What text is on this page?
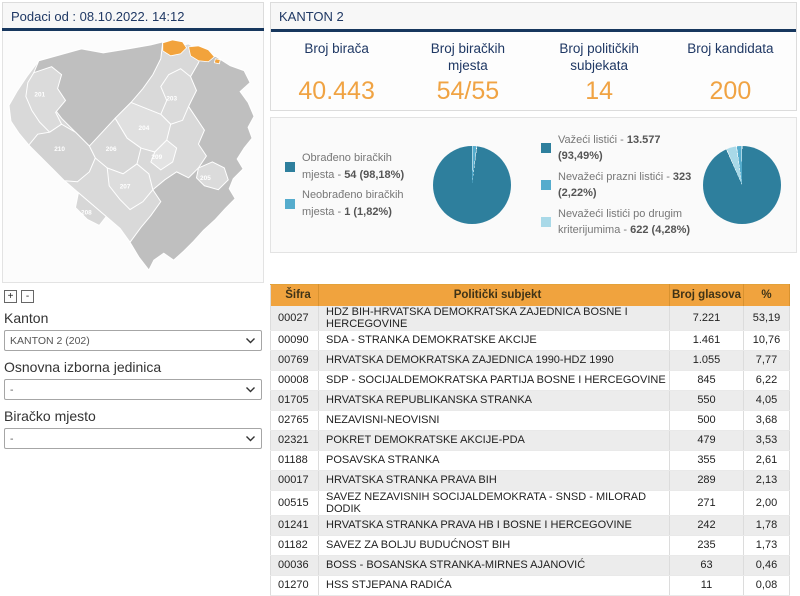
Podaci od : 08.10.2022. 14:12
201
210	206
204
203
209
205
207
208
+ -
Kanton
KANTON 2 (202)
Osnovna izborna jedinica
-
Biračko mjesto
-
KANTON 2
Broj birača
40.443
Broj biračkih mjesta
54/55
Broj političkih subjekata
14
Broj kandidata
200
Obrađeno biračkih mjesta - 54 (98,18%)
Neobrađeno biračkih mjesta - 1 (1,82%)
Važeći listići - 13.577 (93,49%)
Nevažeći prazni listići - 323 (2,22%)
Nevažeći listići po drugim kriterijumima - 622 (4,28%)
Šifra	Politički subjekt	Broj glasova	%
00027	HDZ BIH-HRVATSKA DEMOKRATSKA ZAJEDNICA BOSNE I HERCEGOVINE	7.221	53,19
00090	SDA - STRANKA DEMOKRATSKE AKCIJE	1.461	10,76
00769	HRVATSKA DEMOKRATSKA ZAJEDNICA 1990-HDZ 1990	1.055	7,77
00008	SDP - SOCIJALDEMOKRATSKA PARTIJA BOSNE I HERCEGOVINE	845	6,22
01705	HRVATSKA REPUBLIKANSKA STRANKA	550	4,05
02765	NEZAVISNI-NEOVISNI	500	3,68
02321	POKRET DEMOKRATSKE AKCIJE-PDA	479	3,53
01188	POSAVSKA STRANKA	355	2,61
00017	HRVATSKA STRANKA PRAVA BIH	289	2,13
00515	SAVEZ NEZAVISNIH SOCIJALDEMOKRATA - SNSD - MILORAD DODIK	271	2,00
01241	HRVATSKA STRANKA PRAVA HB I BOSNE I HERCEGOVINE	242	1,78
01182	SAVEZ ZA BOLJU BUDUĆNOST BIH	235	1,73
00036	BOSS - BOSANSKA STRANKA-MIRNES AJANOVIĆ	63	0,46
01270	HSS STJEPANA RADIĆA	11	0,08
